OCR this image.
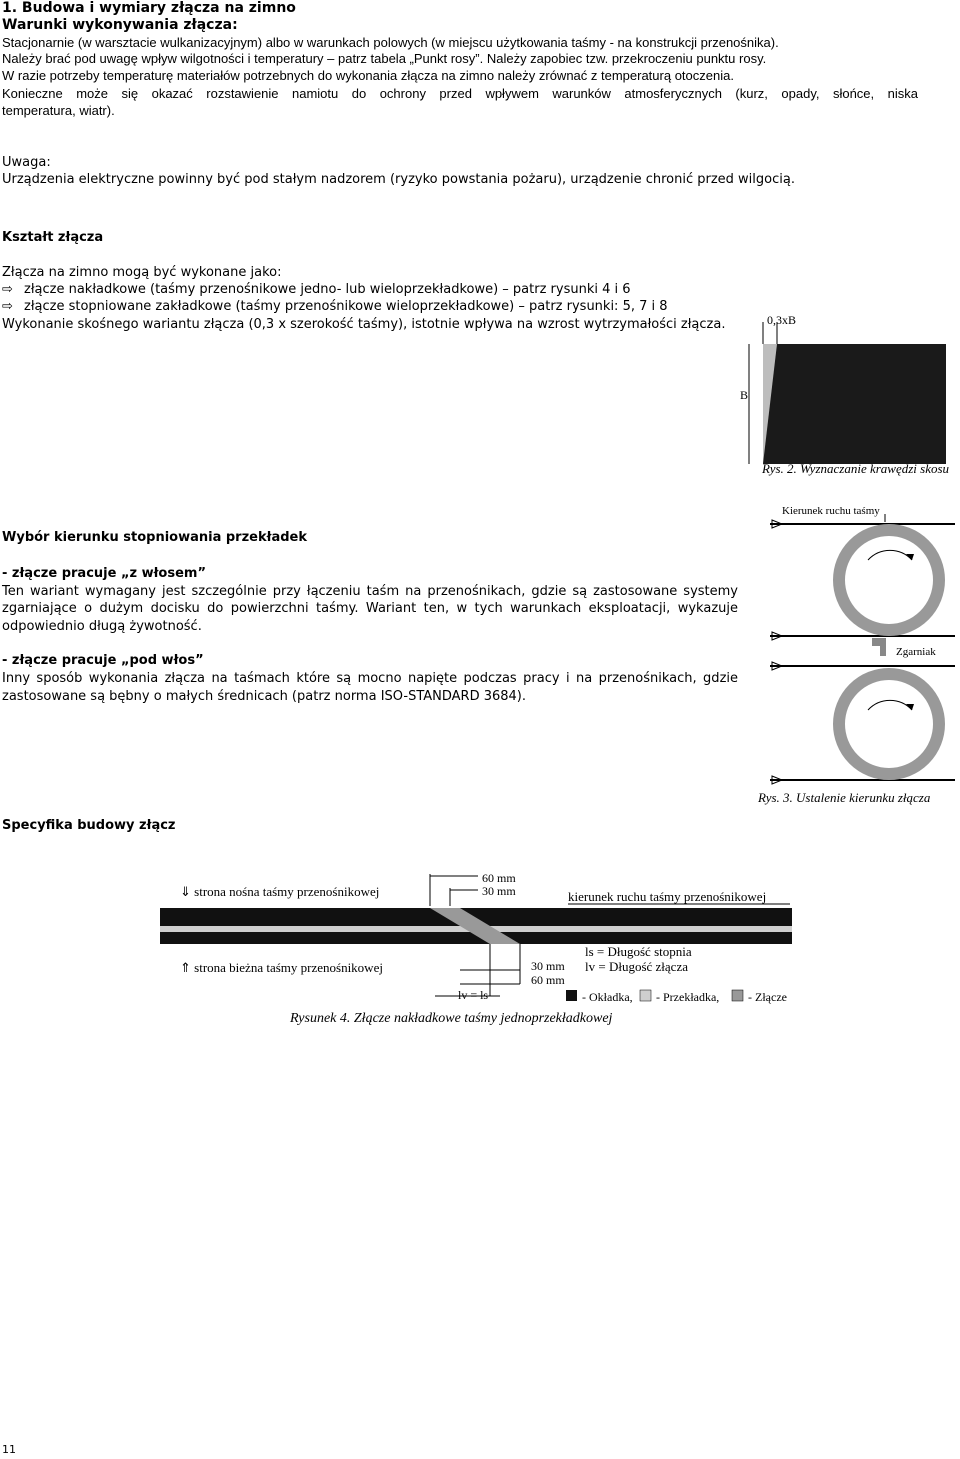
1. Budowa i wymiary złącza na zimno
Warunki wykonywania złącza:
Stacjonarnie (w warsztacie wulkanizacyjnym) albo w warunkach polowych (w miejscu użytkowania taśmy - na konstrukcji przenośnika).
Należy brać pod uwagę wpływ wilgotności i temperatury – patrz tabela „Punkt rosy”. Należy zapobiec tzw. przekroczeniu punktu rosy.
W razie potrzeby temperaturę materiałów potrzebnych do wykonania złącza na zimno należy zrównać z temperaturą otoczenia.
Konieczne może się okazać rozstawienie namiotu do ochrony przed wpływem warunków atmosferycznych (kurz, opady, słońce, niska
temperatura, wiatr).
Uwaga:
Urządzenia elektryczne powinny być pod stałym nadzorem (ryzyko powstania pożaru), urządzenie chronić przed wilgocią.
Kształt złącza
Złącza na zimno mogą być wykonane jako:
⇨ złącze nakładkowe (taśmy przenośnikowe jedno- lub wieloprzekładkowe) – patrz rysunki 4 i 6
⇨ złącze stopniowane zakładkowe (taśmy przenośnikowe wieloprzekładkowe) – patrz rysunki: 5, 7 i 8
Wykonanie skośnego wariantu złącza (0,3 x szerokość taśmy), istotnie wpływa na wzrost wytrzymałości złącza.	0,3xB
B
Rys. 2. Wyznaczanie krawędzi skosu
Wybór kierunku stopniowania przekładek
- złącze pracuje „z włosem”
Ten wariant wymagany jest szczególnie przy łączeniu taśm na przenośnikach, gdzie są zastosowane systemy
zgarniające o dużym docisku do powierzchni taśmy. Wariant ten, w tych warunkach eksploatacji, wykazuje
odpowiednio długą żywotność.
- złącze pracuje „pod włos”
Inny sposób wykonania złącza na taśmach które są mocno napięte podczas pracy i na przenośnikach, gdzie
zastosowane są bębny o małych średnicach (patrz norma ISO-STANDARD 3684).
Kierunek ruchu taśmy
Zgarniak
Rys. 3. Ustalenie kierunku złącza
Specyfika budowy złącz
⇓ strona nośna taśmy przenośnikowej
⇑ strona bieżna taśmy przenośnikowej
60 mm
30 mm	kierunek ruchu taśmy przenośnikowej
30 mm
60 mm
lv = ls
ls = Długość stopnia
lv = Długość złącza
- Okładka, - Przekładka, - Złącze
Rysunek 4. Złącze nakładkowe taśmy jednoprzekładkowej
11
